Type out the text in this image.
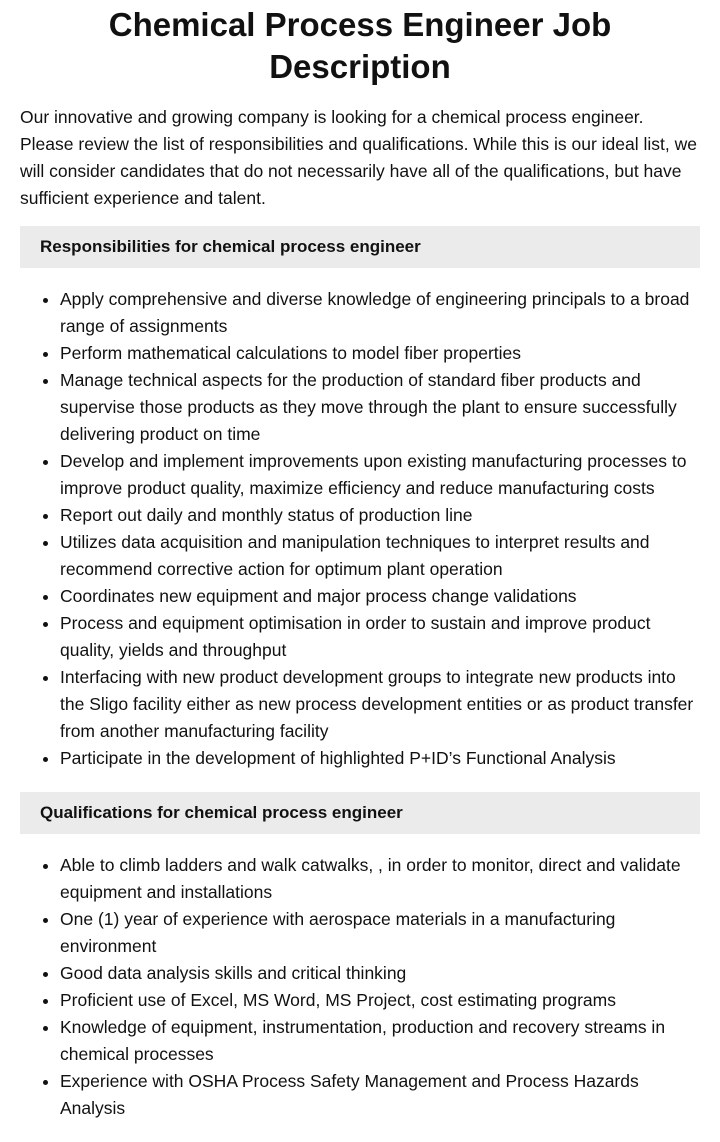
Chemical Process Engineer Job Description

Our innovative and growing company is looking for a chemical process engineer. Please review the list of responsibilities and qualifications. While this is our ideal list, we will consider candidates that do not necessarily have all of the qualifications, but have sufficient experience and talent.

Responsibilities for chemical process engineer
• Apply comprehensive and diverse knowledge of engineering principals to a broad range of assignments
• Perform mathematical calculations to model fiber properties
• Manage technical aspects for the production of standard fiber products and supervise those products as they move through the plant to ensure successfully delivering product on time
• Develop and implement improvements upon existing manufacturing processes to improve product quality, maximize efficiency and reduce manufacturing costs
• Report out daily and monthly status of production line
• Utilizes data acquisition and manipulation techniques to interpret results and recommend corrective action for optimum plant operation
• Coordinates new equipment and major process change validations
• Process and equipment optimisation in order to sustain and improve product quality, yields and throughput
• Interfacing with new product development groups to integrate new products into the Sligo facility either as new process development entities or as product transfer from another manufacturing facility
• Participate in the development of highlighted P+ID’s Functional Analysis
Qualifications for chemical process engineer
• Able to climb ladders and walk catwalks, , in order to monitor, direct and validate equipment and installations
• One (1) year of experience with aerospace materials in a manufacturing environment
• Good data analysis skills and critical thinking
• Proficient use of Excel, MS Word, MS Project, cost estimating programs
• Knowledge of equipment, instrumentation, production and recovery streams in chemical processes
• Experience with OSHA Process Safety Management and Process Hazards Analysis
